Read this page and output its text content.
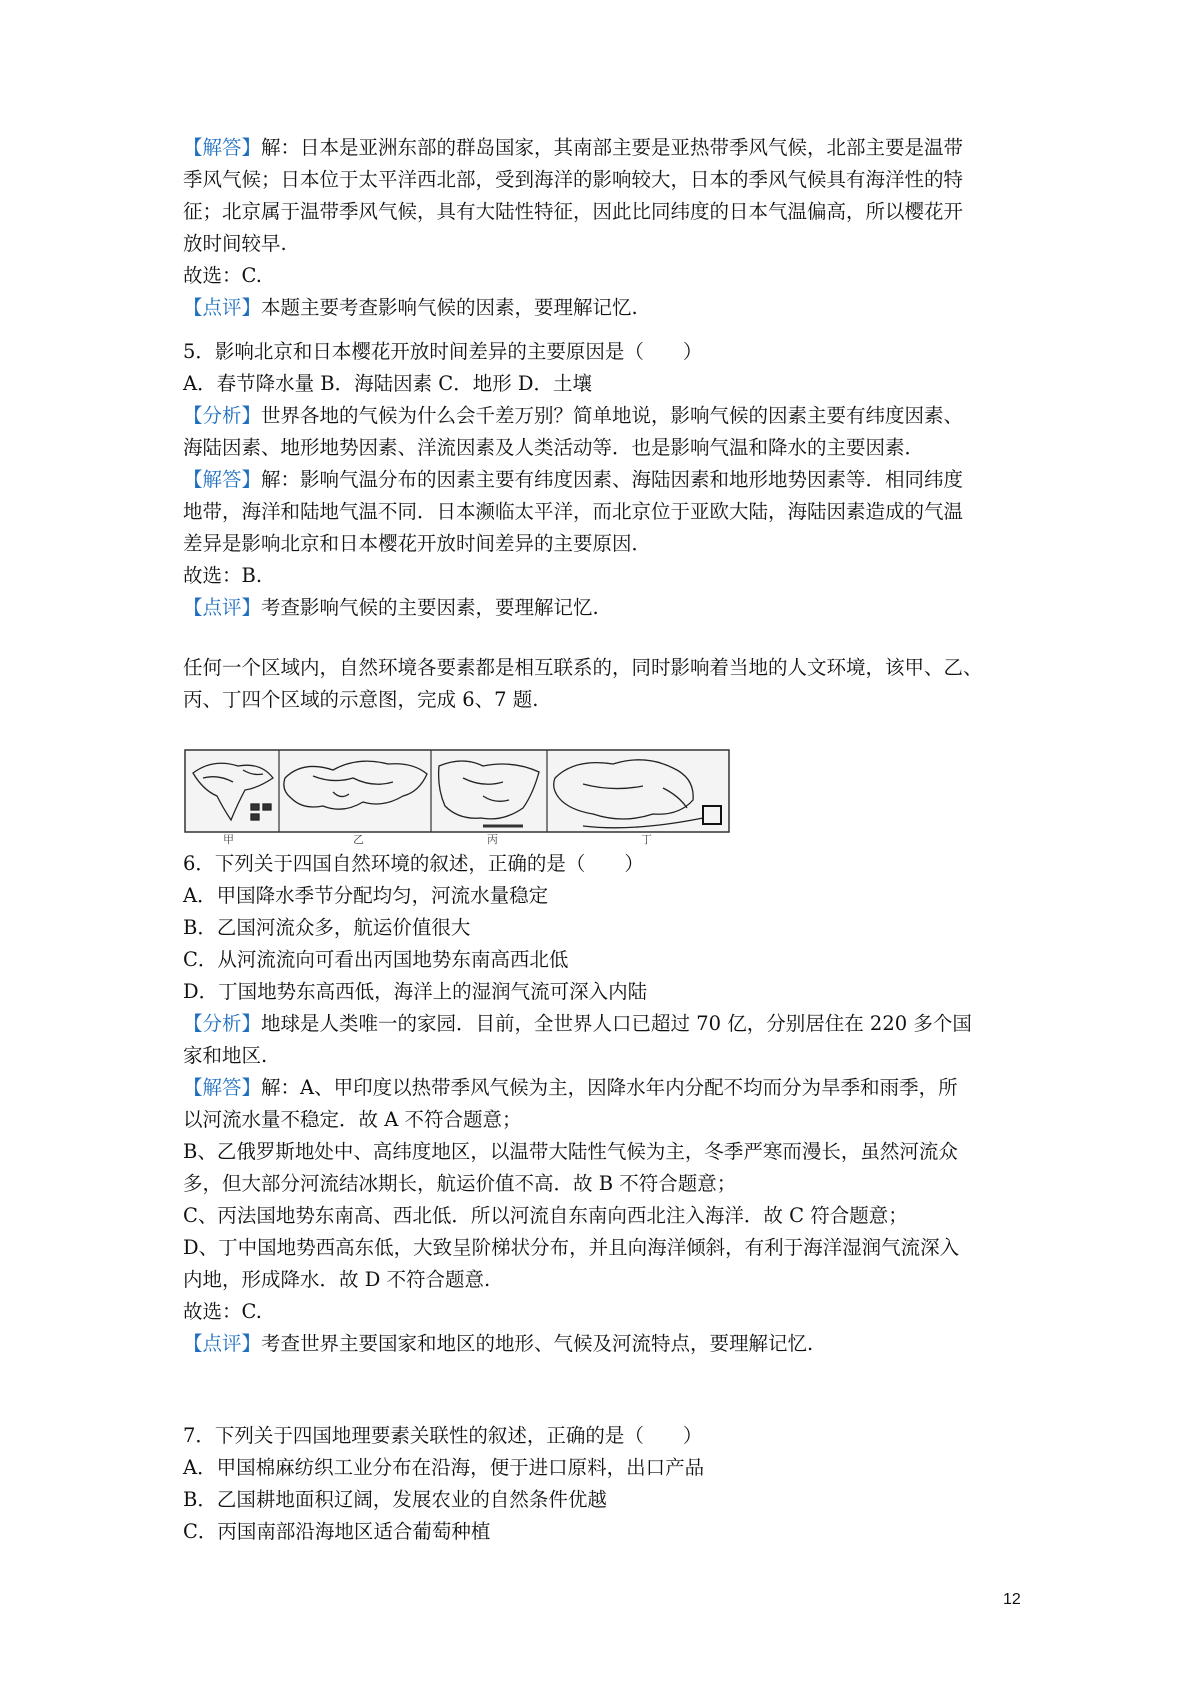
【解答】解：日本是亚洲东部的群岛国家，其南部主要是亚热带季风气候，北部主要是温带
季风气候；日本位于太平洋西北部，受到海洋的影响较大，日本的季风气候具有海洋性的特
征；北京属于温带季风气候，具有大陆性特征，因此比同纬度的日本气温偏高，所以樱花开
放时间较早.
故选：C.
【点评】本题主要考查影响气候的因素，要理解记忆.
5．影响北京和日本樱花开放时间差异的主要原因是（　　）
A．春节降水量 B．海陆因素 C．地形 D．土壤
【分析】世界各地的气候为什么会千差万别？简单地说，影响气候的因素主要有纬度因素、
海陆因素、地形地势因素、洋流因素及人类活动等．也是影响气温和降水的主要因素．
【解答】解：影响气温分布的因素主要有纬度因素、海陆因素和地形地势因素等．相同纬度
地带，海洋和陆地气温不同．日本濒临太平洋，而北京位于亚欧大陆，海陆因素造成的气温
差异是影响北京和日本樱花开放时间差异的主要原因．
故选：B.
【点评】考查影响气候的主要因素，要理解记忆.
任何一个区域内，自然环境各要素都是相互联系的，同时影响着当地的人文环境，该甲、乙、
丙、丁四个区域的示意图，完成 6、7 题.
甲	乙	丙	丁
6．下列关于四国自然环境的叙述，正确的是（　　）
A．甲国降水季节分配均匀，河流水量稳定
B．乙国河流众多，航运价值很大
C．从河流流向可看出丙国地势东南高西北低
D．丁国地势东高西低，海洋上的湿润气流可深入内陆
【分析】地球是人类唯一的家园．目前，全世界人口已超过 70 亿，分别居住在 220 多个国
家和地区.
【解答】解：A、甲印度以热带季风气候为主，因降水年内分配不均而分为旱季和雨季，所
以河流水量不稳定．故 A 不符合题意；
B、乙俄罗斯地处中、高纬度地区，以温带大陆性气候为主，冬季严寒而漫长，虽然河流众
多，但大部分河流结冰期长，航运价值不高．故 B 不符合题意；
C、丙法国地势东南高、西北低．所以河流自东南向西北注入海洋．故 C 符合题意；
D、丁中国地势西高东低，大致呈阶梯状分布，并且向海洋倾斜，有利于海洋湿润气流深入
内地，形成降水．故 D 不符合题意.
故选：C.
【点评】考查世界主要国家和地区的地形、气候及河流特点，要理解记忆.
7．下列关于四国地理要素关联性的叙述，正确的是（　　）
A．甲国棉麻纺织工业分布在沿海，便于进口原料，出口产品
B．乙国耕地面积辽阔，发展农业的自然条件优越
C．丙国南部沿海地区适合葡萄种植
12
